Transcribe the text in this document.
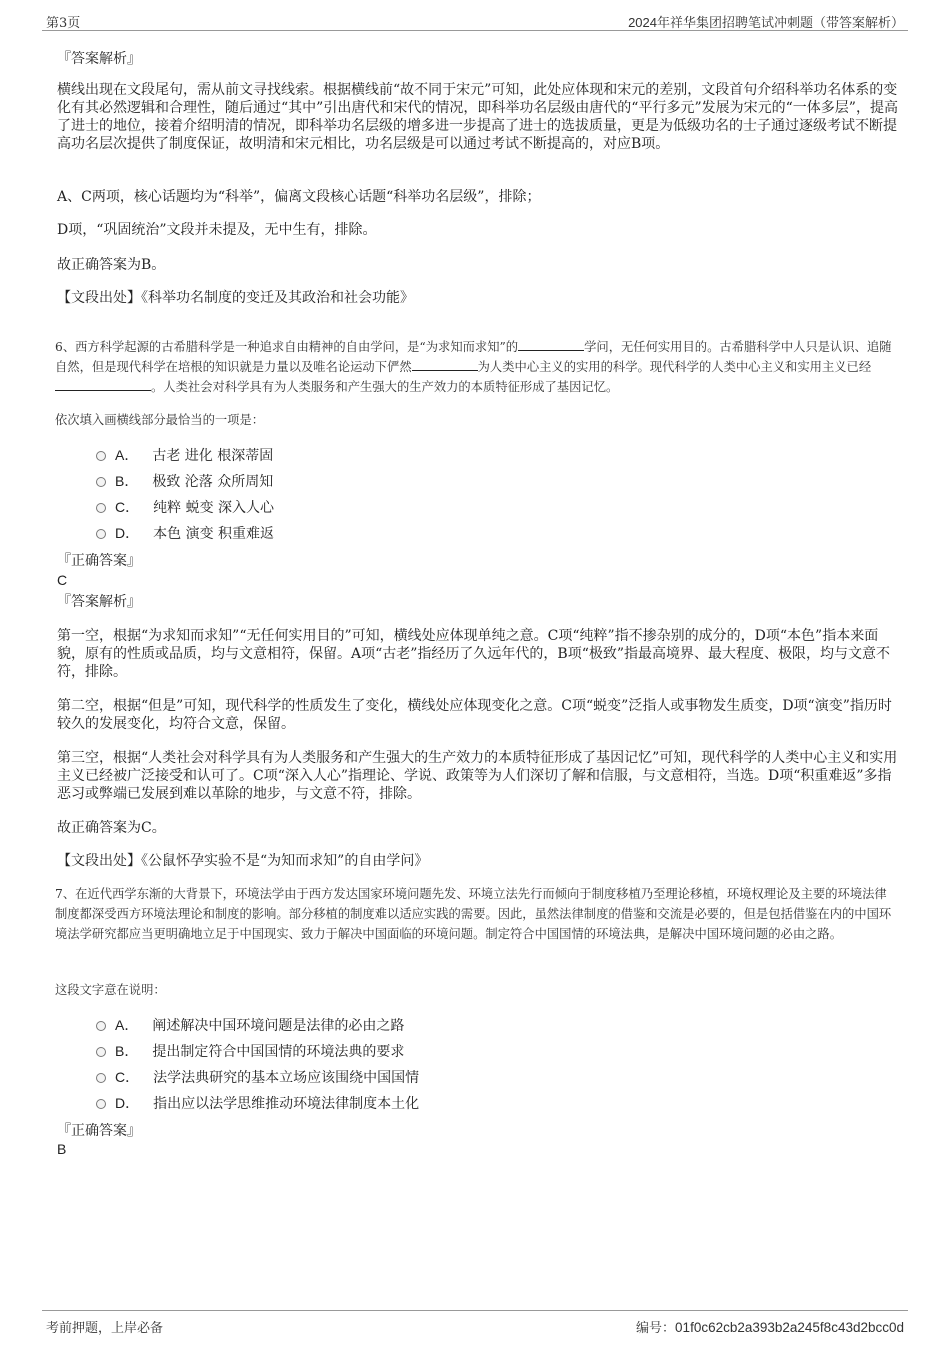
第3页	2024年祥华集团招聘笔试冲刺题（带答案解析）
『答案解析』
横线出现在文段尾句，需从前文寻找线索。根据横线前“故不同于宋元”可知，此处应体现和宋元的差别，文段首句介绍科举功名体系的变化有其必然逻辑和合理性，随后通过“其中”引出唐代和宋代的情况，即科举功名层级由唐代的“平行多元”发展为宋元的“一体多层”，提高了进士的地位，接着介绍明清的情况，即科举功名层级的增多进一步提高了进士的选拔质量，更是为低级功名的士子通过逐级考试不断提高功名层次提供了制度保证，故明清和宋元相比，功名层级是可以通过考试不断提高的，对应B项。
A、C两项，核心话题均为“科举”，偏离文段核心话题“科举功名层级”，排除；
D项，“巩固统治”文段并未提及，无中生有，排除。
故正确答案为B。
【文段出处】《科举功名制度的变迁及其政治和社会功能》
6、西方科学起源的古希腊科学是一种追求自由精神的自由学问，是“为求知而求知”的	学问，无任何实用目的。古希腊科学中人只是认识、追随自然，但是现代科学在培根的知识就是力量以及唯名论运动下俨然	为人类中心主义的实用的科学。现代科学的人类中心主义和实用主义已经。人类社会对科学具有为人类服务和产生强大的生产效力的本质特征形成了基因记忆。
依次填入画横线部分最恰当的一项是：
A． 古老 进化 根深蒂固
B． 极致 沦落 众所周知
C． 纯粹 蜕变 深入人心
D． 本色 演变 积重难返
『正确答案』
C
『答案解析』
第一空，根据“为求知而求知”“无任何实用目的”可知，横线处应体现单纯之意。C项“纯粹”指不掺杂别的成分的，D项“本色”指本来面貌，原有的性质或品质，均与文意相符，保留。A项“古老”指经历了久远年代的，B项“极致”指最高境界、最大程度、极限，均与文意不符，排除。
第二空，根据“但是”可知，现代科学的性质发生了变化，横线处应体现变化之意。C项“蜕变”泛指人或事物发生质变，D项“演变”指历时较久的发展变化，均符合文意，保留。
第三空，根据“人类社会对科学具有为人类服务和产生强大的生产效力的本质特征形成了基因记忆”可知，现代科学的人类中心主义和实用主义已经被广泛接受和认可了。C项“深入人心”指理论、学说、政策等为人们深切了解和信服，与文意相符，当选。D项“积重难返”多指恶习或弊端已发展到难以革除的地步，与文意不符，排除。
故正确答案为C。
【文段出处】《公鼠怀孕实验不是“为知而求知”的自由学问》
7、在近代西学东渐的大背景下，环境法学由于西方发达国家环境问题先发、环境立法先行而倾向于制度移植乃至理论移植，环境权理论及主要的环境法律制度都深受西方环境法理论和制度的影响。部分移植的制度难以适应实践的需要。因此，虽然法律制度的借鉴和交流是必要的，但是包括借鉴在内的中国环境法学研究都应当更明确地立足于中国现实、致力于解决中国面临的环境问题。制定符合中国国情的环境法典，是解决中国环境问题的必由之路。
这段文字意在说明：
A． 阐述解决中国环境问题是法律的必由之路
B． 提出制定符合中国国情的环境法典的要求
C． 法学法典研究的基本立场应该围绕中国国情
D． 指出应以法学思维推动环境法律制度本土化
『正确答案』
B
考前押题，上岸必备	编号：01f0c62cb2a393b2a245f8c43d2bcc0d
